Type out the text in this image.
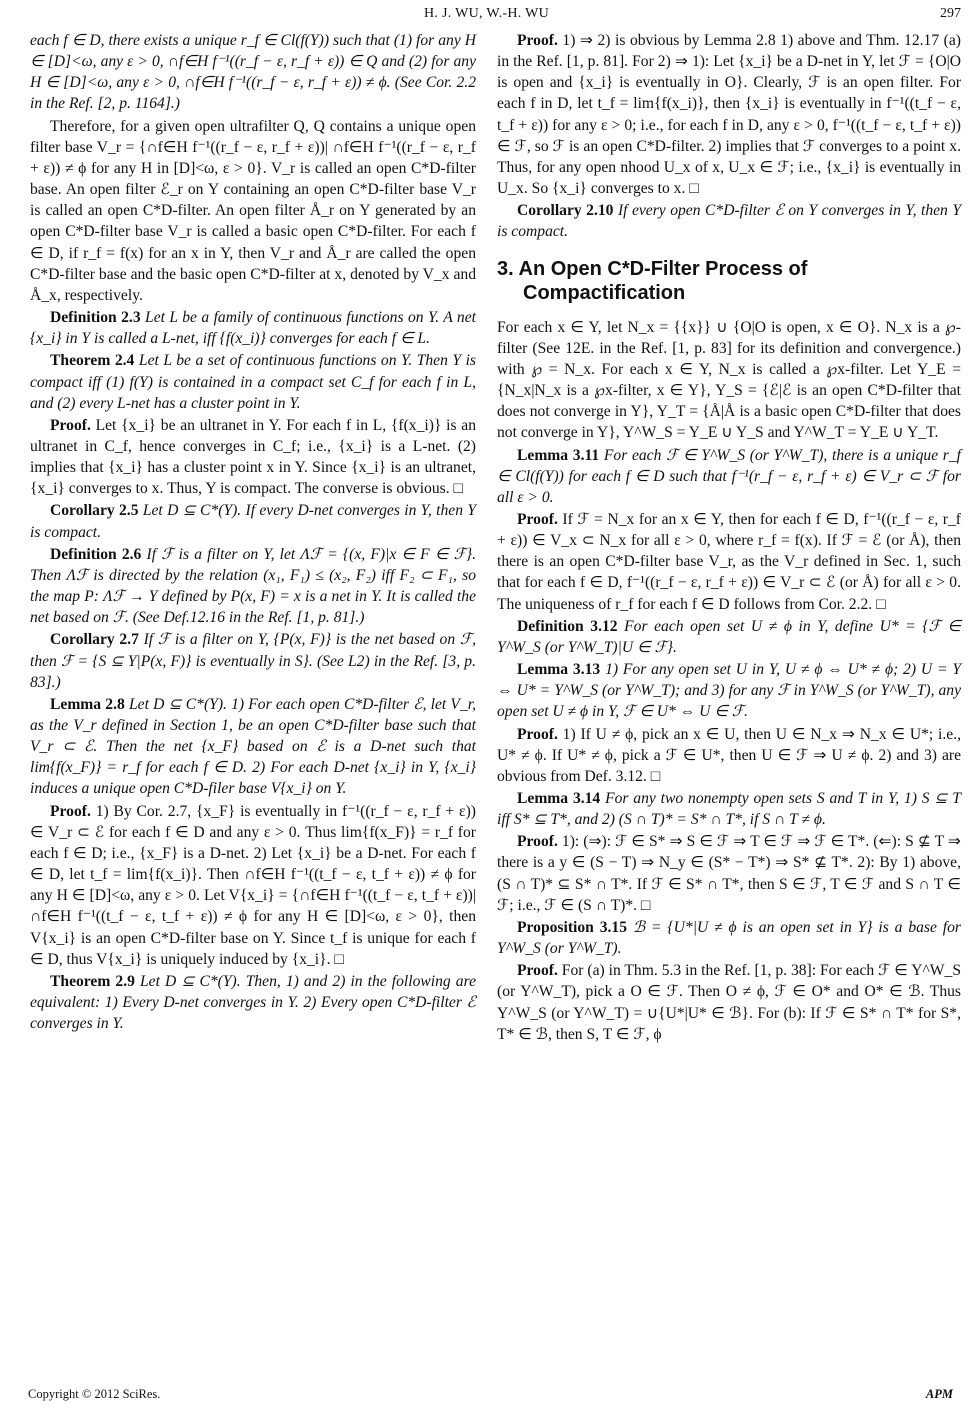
H. J. WU, W.-H. WU	297

each f ∈ D, there exists a unique r_f ∈ Cl(f(Y)) such that (1) for any H ∈ [D]<ω, any ε > 0, ∩f∈H f⁻¹((r_f − ε, r_f + ε)) ∈ Q and (2) for any H ∈ [D]<ω, any ε > 0, ∩f∈H f⁻¹((r_f − ε, r_f + ε)) ≠ ϕ. (See Cor. 2.2 in the Ref. [2, p. 1164].)

Therefore, for a given open ultrafilter Q, Q contains a unique open filter base V_r = {∩f∈H f⁻¹((r_f − ε, r_f + ε))| ∩f∈H f⁻¹((r_f − ε, r_f + ε)) ≠ ϕ for any H in [D]<ω, ε > 0}. V_r is called an open C*D-filter base. An open filter ℰ_r on Y containing an open C*D-filter base V_r is called an open C*D-filter. An open filter Å_r on Y generated by an open C*D-filter base V_r is called a basic open C*D-filter. For each f ∈ D, if r_f = f(x) for an x in Y, then V_r and Å_r are called the open C*D-filter base and the basic open C*D-filter at x, denoted by V_x and Å_x, respectively.

Definition 2.3 Let L be a family of continuous functions on Y. A net {x_i} in Y is called a L-net, iff {f(x_i)} converges for each f ∈ L.

Theorem 2.4 Let L be a set of continuous functions on Y. Then Y is compact iff (1) f(Y) is contained in a compact set C_f for each f in L, and (2) every L-net has a cluster point in Y.

Proof. Let {x_i} be an ultranet in Y. For each f in L, {f(x_i)} is an ultranet in C_f, hence converges in C_f; i.e., {x_i} is a L-net. (2) implies that {x_i} has a cluster point x in Y. Since {x_i} is an ultranet, {x_i} converges to x. Thus, Y is compact. The converse is obvious. □

Corollary 2.5 Let D ⊆ C*(Y). If every D-net converges in Y, then Y is compact.

Definition 2.6 If ℱ is a filter on Y, let Λℱ = {(x, F)|x ∈ F ∈ ℱ}. Then Λℱ is directed by the relation (x₁, F₁) ≤ (x₂, F₂) iff F₂ ⊂ F₁, so the map P: Λℱ → Y defined by P(x, F) = x is a net in Y. It is called the net based on ℱ. (See Def.12.16 in the Ref. [1, p. 81].)

Corollary 2.7 If ℱ is a filter on Y, {P(x, F)} is the net based on ℱ, then ℱ = {S ⊆ Y|P(x, F)} is eventually in S}. (See L2) in the Ref. [3, p. 83].)

Lemma 2.8 Let D ⊆ C*(Y). 1) For each open C*D-filter ℰ, let V_r, as the V_r defined in Section 1, be an open C*D-filter base such that V_r ⊂ ℰ. Then the net {x_F} based on ℰ is a D-net such that lim{f(x_F)} = r_f for each f ∈ D. 2) For each D-net {x_i} in Y, {x_i} induces a unique open C*D-filer base V{x_i} on Y.

Proof. 1) By Cor. 2.7, {x_F} is eventually in f⁻¹((r_f − ε, r_f + ε)) ∈ V_r ⊂ ℰ for each f ∈ D and any ε > 0. Thus lim{f(x_F)} = r_f for each f ∈ D; i.e., {x_F} is a D-net. 2) Let {x_i} be a D-net. For each f ∈ D, let t_f = lim{f(x_i)}. Then ∩f∈H f⁻¹((t_f − ε, t_f + ε)) ≠ ϕ for any H ∈ [D]<ω, any ε > 0. Let V{x_i} = {∩f∈H f⁻¹((t_f − ε, t_f + ε))|∩f∈H f⁻¹((t_f − ε, t_f + ε)) ≠ ϕ for any H ∈ [D]<ω, ε > 0}, then V{x_i} is an open C*D-filter base on Y. Since t_f is unique for each f ∈ D, thus V{x_i} is uniquely induced by {x_i}. □

Theorem 2.9 Let D ⊆ C*(Y). Then, 1) and 2) in the following are equivalent: 1) Every D-net converges in Y. 2) Every open C*D-filter ℰ converges in Y.

Proof. 1) ⇒ 2) is obvious by Lemma 2.8 1) above and Thm. 12.17 (a) in the Ref. [1, p. 81]. For 2) ⇒ 1): Let {x_i} be a D-net in Y, let ℱ = {O|O is open and {x_i} is eventually in O}. Clearly, ℱ is an open filter. For each f in D, let t_f = lim{f(x_i)}, then {x_i} is eventually in f⁻¹((t_f − ε, t_f + ε)) for any ε > 0; i.e., for each f in D, any ε > 0, f⁻¹((t_f − ε, t_f + ε)) ∈ ℱ, so ℱ is an open C*D-filter. 2) implies that ℱ converges to a point x. Thus, for any open nhood U_x of x, U_x ∈ ℱ; i.e., {x_i} is eventually in U_x. So {x_i} converges to x. □

Corollary 2.10 If every open C*D-filter ℰ on Y converges in Y, then Y is compact.

3. An Open C*D-Filter Process of Compactification

For each x ∈ Y, let N_x = {{x}} ∪ {O|O is open, x ∈ O}. N_x is a ℘-filter (See 12E. in the Ref. [1, p. 83] for its definition and convergence.) with ℘ = N_x. For each x ∈ Y, N_x is called a ℘x-filter. Let Y_E = {N_x|N_x is a ℘x-filter, x ∈ Y}, Y_S = {ℰ|ℰ is an open C*D-filter that does not converge in Y}, Y_T = {Å|Å is a basic open C*D-filter that does not converge in Y}, Y^W_S = Y_E ∪ Y_S and Y^W_T = Y_E ∪ Y_T.

Lemma 3.11 For each ℱ ∈ Y^W_S (or Y^W_T), there is a unique r_f ∈ Cl(f(Y)) for each f ∈ D such that f⁻¹(r_f − ε, r_f + ε) ∈ V_r ⊂ ℱ for all ε > 0.

Proof. If ℱ = N_x for an x ∈ Y, then for each f ∈ D, f⁻¹((r_f − ε, r_f + ε)) ∈ V_x ⊂ N_x for all ε > 0, where r_f = f(x). If ℱ = ℰ (or Å), then there is an open C*D-filter base V_r, as the V_r defined in Sec. 1, such that for each f ∈ D, f⁻¹((r_f − ε, r_f + ε)) ∈ V_r ⊂ ℰ (or Å) for all ε > 0. The uniqueness of r_f for each f ∈ D follows from Cor. 2.2. □

Definition 3.12 For each open set U ≠ ϕ in Y, define U* = {ℱ ∈ Y^W_S (or Y^W_T)|U ∈ ℱ}.

Lemma 3.13 1) For any open set U in Y, U ≠ ϕ ⇔ U* ≠ ϕ; 2) U = Y ⇔ U* = Y^W_S (or Y^W_T); and 3) for any ℱ in Y^W_S (or Y^W_T), any open set U ≠ ϕ in Y, ℱ ∈ U* ⇔ U ∈ ℱ.

Proof. 1) If U ≠ ϕ, pick an x ∈ U, then U ∈ N_x ⇒ N_x ∈ U*; i.e., U* ≠ ϕ. If U* ≠ ϕ, pick a ℱ ∈ U*, then U ∈ ℱ ⇒ U ≠ ϕ. 2) and 3) are obvious from Def. 3.12. □

Lemma 3.14 For any two nonempty open sets S and T in Y, 1) S ⊆ T iff S* ⊆ T*, and 2) (S ∩ T)* = S* ∩ T*, if S ∩ T ≠ ϕ.

Proof. 1): (⇒): ℱ ∈ S* ⇒ S ∈ ℱ ⇒ T ∈ ℱ ⇒ ℱ ∈ T*. (⇐): S ⊈ T ⇒ there is a y ∈ (S − T) ⇒ N_y ∈ (S* − T*) ⇒ S* ⊈ T*. 2): By 1) above, (S ∩ T)* ⊆ S* ∩ T*. If ℱ ∈ S* ∩ T*, then S ∈ ℱ, T ∈ ℱ and S ∩ T ∈ ℱ; i.e., ℱ ∈ (S ∩ T)*. □

Proposition 3.15 ℬ = {U*|U ≠ ϕ is an open set in Y} is a base for Y^W_S (or Y^W_T).

Proof. For (a) in Thm. 5.3 in the Ref. [1, p. 38]: For each ℱ ∈ Y^W_S (or Y^W_T), pick a O ∈ ℱ. Then O ≠ ϕ, ℱ ∈ O* and O* ∈ ℬ. Thus Y^W_S (or Y^W_T) = ∪{U*|U* ∈ ℬ}. For (b): If ℱ ∈ S* ∩ T* for S*, T* ∈ ℬ, then S, T ∈ ℱ, ϕ

Copyright © 2012 SciRes.	APM
